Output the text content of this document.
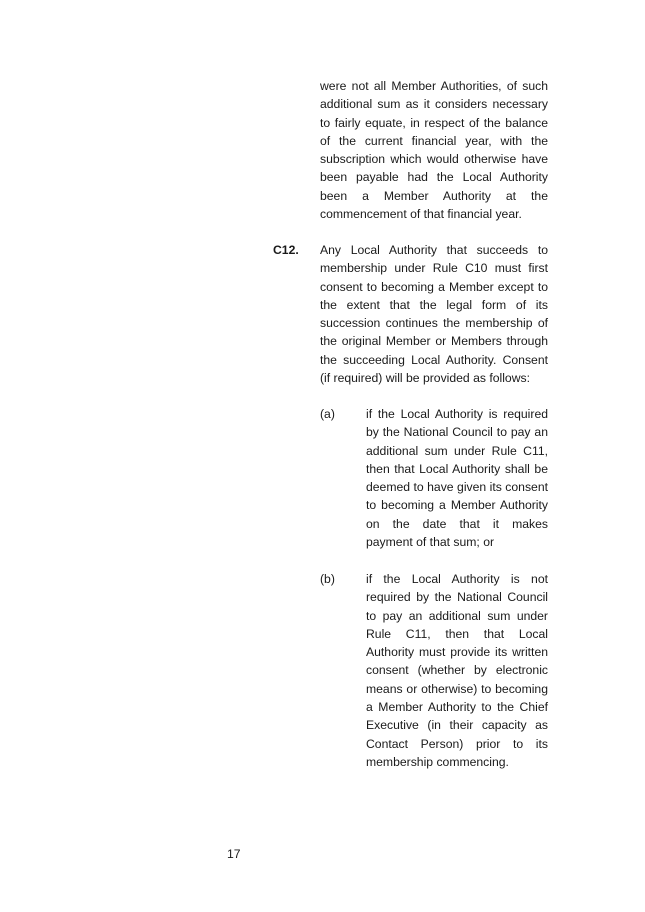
were not all Member Authorities, of such additional sum as it considers necessary to fairly equate, in respect of the balance of the current financial year, with the subscription which would otherwise have been payable had the Local Authority been a Member Authority at the commencement of that financial year.

C12. Any Local Authority that succeeds to membership under Rule C10 must first consent to becoming a Member except to the extent that the legal form of its succession continues the membership of the original Member or Members through the succeeding Local Authority. Consent (if required) will be provided as follows:

(a)	if the Local Authority is required by the National Council to pay an additional sum under Rule C11, then that Local Authority shall be deemed to have given its consent to becoming a Member Authority on the date that it makes payment of that sum; or

(b)	if the Local Authority is not required by the National Council to pay an additional sum under Rule C11, then that Local Authority must provide its written consent (whether by electronic means or otherwise) to becoming a Member Authority to the Chief Executive (in their capacity as Contact Person) prior to its membership commencing.

17
